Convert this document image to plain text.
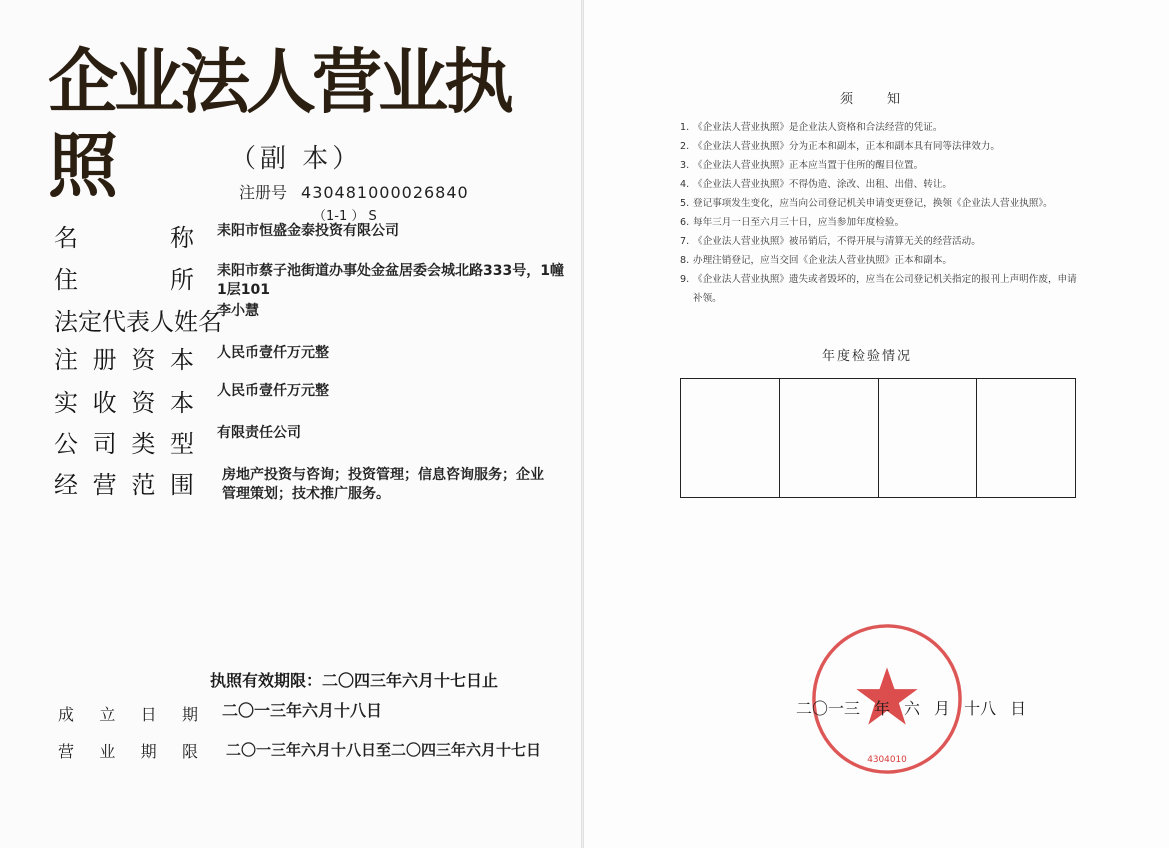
企业法人营业执照	（副 本）
注册号 430481000026840
（1-1 ） S
名	称 耒阳市恒盛金泰投资有限公司
住	所 耒阳市蔡子池街道办事处金盆居委会城北路333号，1幢1层101
法定代表人姓名
李小慧
注 册 资 本 人民币壹仟万元整
实 收 资 本 人民币壹仟万元整
公 司 类 型 有限责任公司
经 营 范 围 房地产投资与咨询；投资管理；信息咨询服务；企业管理策划；技术推广服务。
执照有效期限：二〇四三年六月十七日止
成 立 日 期 二〇一三年六月十八日
营 业 期 限 二〇一三年六月十八日至二〇四三年六月十七日
须知
1. 《企业法人营业执照》是企业法人资格和合法经营的凭证。
2. 《企业法人营业执照》分为正本和副本，正本和副本具有同等法律效力。
3. 《企业法人营业执照》正本应当置于住所的醒目位置。
4. 《企业法人营业执照》不得伪造、涂改、出租、出借、转让。
5. 登记事项发生变化，应当向公司登记机关申请变更登记，换领《企业法人营业执照》。
6. 每年三月一日至六月三十日，应当参加年度检验。
7. 《企业法人营业执照》被吊销后，不得开展与清算无关的经营活动。
8. 办理注销登记，应当交回《企业法人营业执照》正本和副本。
9. 《企业法人营业执照》遗失或者毁坏的，应当在公司登记机关指定的报刊上声明作废，申请补领。
年度检验情况
4304010
二〇一三 年 六 月 十八 日
